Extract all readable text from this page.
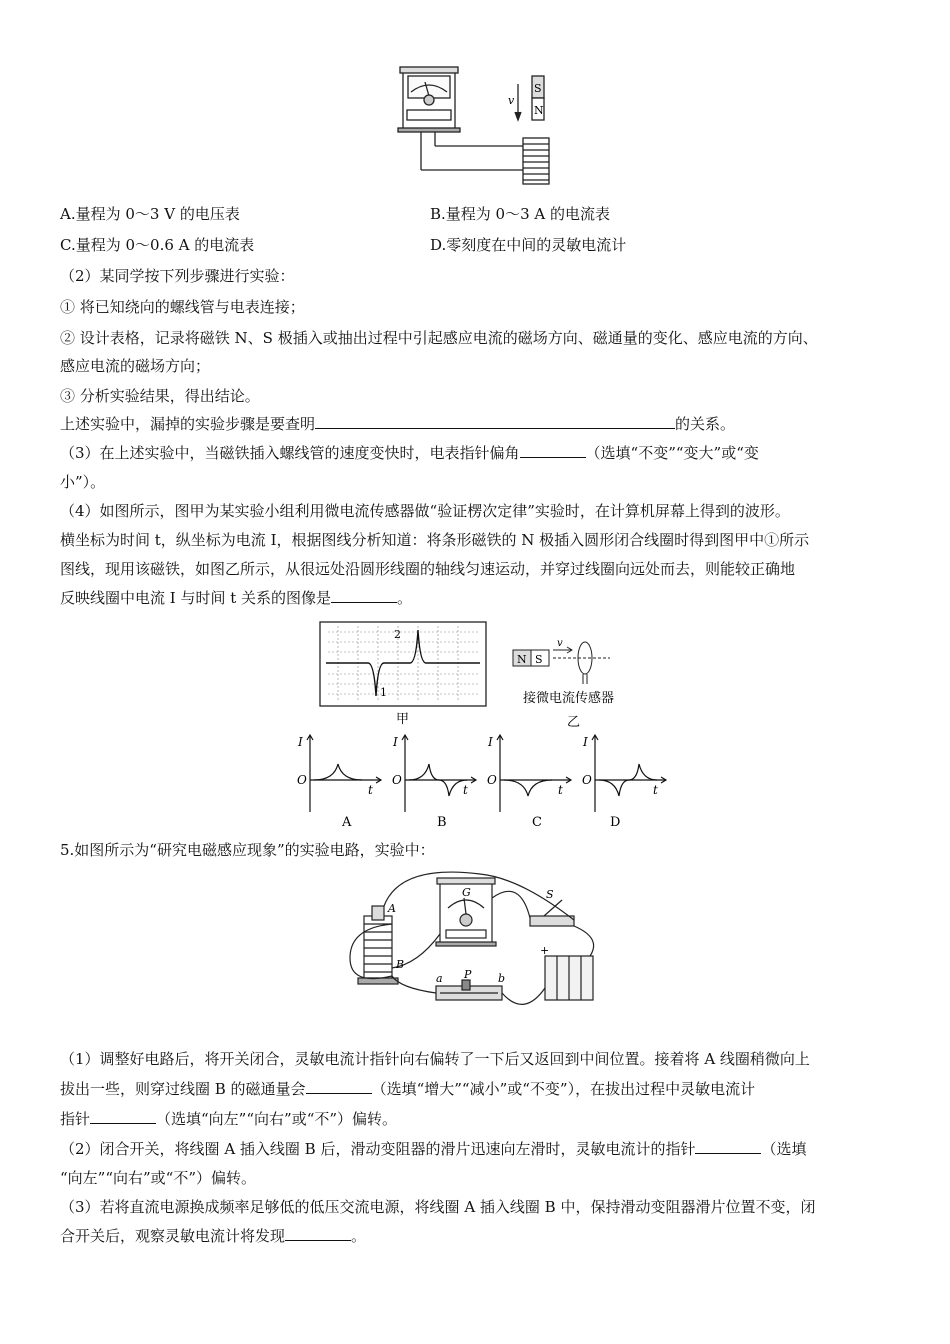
S
N
v
A.量程为 0～3 V 的电压表	B.量程为 0～3 A 的电流表
C.量程为 0～0.6 A 的电流表	D.零刻度在中间的灵敏电流计
（2）某同学按下列步骤进行实验：
① 将已知绕向的螺线管与电表连接；
② 设计表格，记录将磁铁 N、S 极插入或抽出过程中引起感应电流的磁场方向、磁通量的变化、感应电流的方向、
感应电流的磁场方向；
③ 分析实验结果，得出结论。
上述实验中，漏掉的实验步骤是要查明	的关系。
（3）在上述实验中，当磁铁插入螺线管的速度变快时，电表指针偏角	（选填“不变”“变大”或“变
小”）。
（4）如图所示，图甲为某实验小组利用微电流传感器做“验证楞次定律”实验时，在计算机屏幕上得到的波形。
横坐标为时间 t，纵坐标为电流 I，根据图线分析知道：将条形磁铁的 N 极插入圆形闭合线圈时得到图甲中①所示
图线，现用该磁铁，如图乙所示，从很远处沿圆形线圈的轴线匀速运动，并穿过线圈向远处而去，则能较正确地
反映线圈中电流 I 与时间 t 关系的图像是	。
1
2
甲
N S
v
接微电流传感器
乙
I	I	I	I
t	t	t	t
O	O	O	O
A	B	C	D
5.如图所示为“研究电磁感应现象”的实验电路，实验中：
A
B
G	S
P
a	b
+
（1）调整好电路后，将开关闭合，灵敏电流计指针向右偏转了一下后又返回到中间位置。接着将 A 线圈稍微向上
拔出一些，则穿过线圈 B 的磁通量会	（选填“增大”“减小”或“不变”），在拔出过程中灵敏电流计
指针	（选填“向左”“向右”或“不”）偏转。
（2）闭合开关，将线圈 A 插入线圈 B 后，滑动变阻器的滑片迅速向左滑时，灵敏电流计的指针	（选填
“向左”“向右”或“不”）偏转。
（3）若将直流电源换成频率足够低的低压交流电源，将线圈 A 插入线圈 B 中，保持滑动变阻器滑片位置不变，闭
合开关后，观察灵敏电流计将发现	。
